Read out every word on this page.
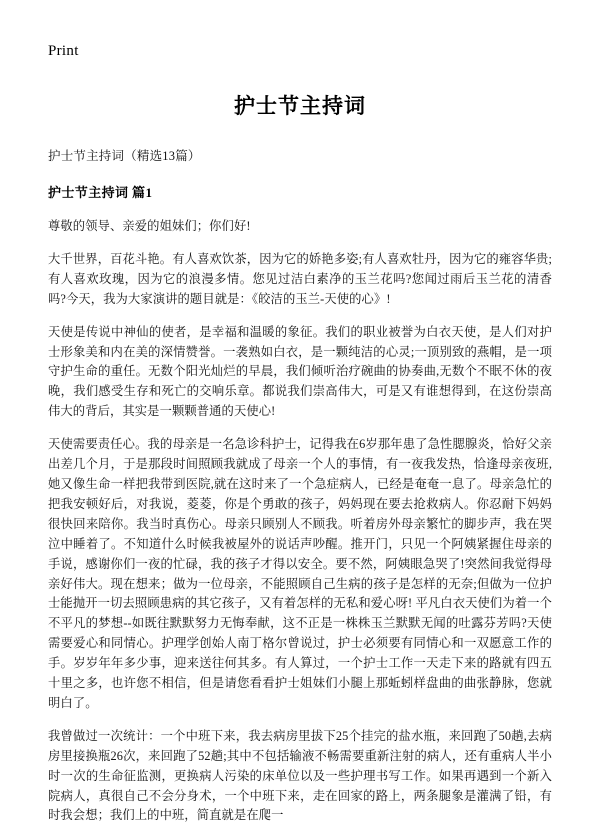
Print
护士节主持词

护士节主持词（精选13篇）

护士节主持词 篇1

尊敬的领导、亲爱的姐妹们；你们好!

大千世界，百花斗艳。有人喜欢饮茶，因为它的娇艳多姿;有人喜欢牡丹，因为它的雍容华贵;有人喜欢玫瑰，因为它的浪漫多情。您见过洁白素净的玉兰花吗?您闻过雨后玉兰花的清香吗?今天，我为大家演讲的题目就是：《皎洁的玉兰-天使的心》!

天使是传说中神仙的使者，是幸福和温暖的象征。我们的职业被誉为白衣天使，是人们对护士形象美和内在美的深情赞誉。一袭熟如白衣，是一颗纯洁的心灵;一顶别致的燕帽，是一项守护生命的重任。无数个阳光灿烂的早晨，我们倾听治疗碗曲的协奏曲,无数个不眠不休的夜晚，我们感受生存和死亡的交响乐章。都说我们崇高伟大，可是又有谁想得到，在这份崇高伟大的背后，其实是一颗颗普通的天使心!

天使需要责任心。我的母亲是一名急诊科护士，记得我在6岁那年患了急性腮腺炎，恰好父亲出差几个月，于是那段时间照顾我就成了母亲一个人的事情，有一夜我发热，恰逢母亲夜班,她又像生命一样把我带到医院,就在这时来了一个急症病人，已经是奄奄一息了。母亲急忙的把我安顿好后，对我说，菱菱，你是个勇敢的孩子，妈妈现在要去抢救病人。你忍耐下妈妈很快回来陪你。我当时真伤心。母亲只顾别人不顾我。听着房外母亲繁忙的脚步声，我在哭泣中睡着了。不知道什么时候我被屋外的说话声吵醒。推开门，只见一个阿姨紧握住母亲的手说，感谢你们一夜的忙碌，我的孩子才得以安全。要不然，阿姨眼急哭了!突然间我觉得母亲好伟大。现在想来；做为一位母亲，不能照顾自己生病的孩子是怎样的无奈;但做为一位护士能抛开一切去照顾患病的其它孩子，又有着怎样的无私和爱心呀! 平凡白衣天使们为着一个不平凡的梦想--如既往默默努力无悔奉献，这不正是一株株玉兰默默无闻的吐露芬芳吗?天使需要爱心和同情心。护理学创始人南丁格尔曾说过，护士必须要有同情心和一双愿意工作的手。岁岁年年多少事，迎来送往何其多。有人算过，一个护士工作一天走下来的路就有四五十里之多，也许您不相信，但是请您看看护士姐妹们小腿上那蚯蚓样盘曲的曲张静脉，您就明白了。

我曾做过一次统计：一个中班下来，我去病房里拔下25个挂完的盐水瓶，来回跑了50趟,去病房里接换瓶26次，来回跑了52趟;其中不包括输液不畅需要重新注射的病人，还有重病人半小时一次的生命征监测，更换病人污染的床单位以及一些护理书写工作。如果再遇到一个新入院病人，真很自己不会分身术，一个中班下来，走在回家的路上，两条腿象是灌满了铅，有时我会想；我们上的中班，简直就是在爬一
